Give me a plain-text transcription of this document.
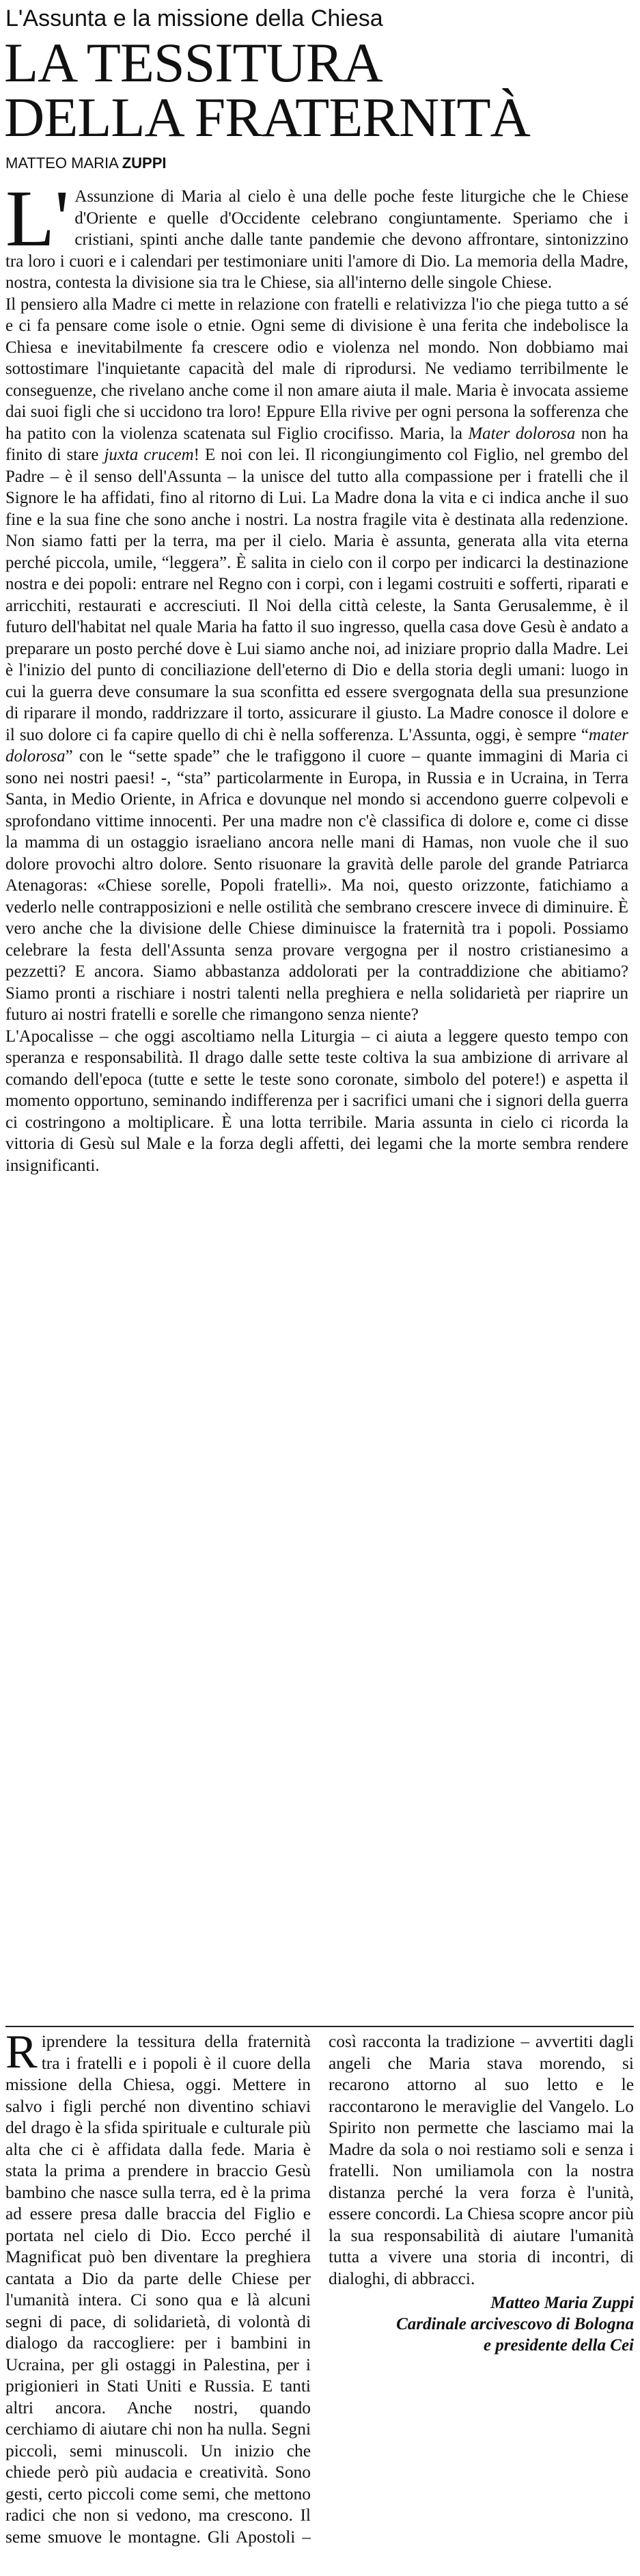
L'Assunta e la missione della Chiesa
LA TESSITURA
DELLA FRATERNITÀ
MATTEO MARIA ZUPPI

L'Assunzione di Maria al cielo è una delle poche feste liturgiche che le Chiese d'Oriente e quelle d'Occidente celebrano congiuntamente. Speriamo che i cristiani, spinti anche dalle tante pandemie che devono affrontare, sintonizzino tra loro i cuori e i calendari per testimoniare uniti l'amore di Dio. La memoria della Madre, nostra, contesta la divisione sia tra le Chiese, sia all'interno delle singole Chiese.

Il pensiero alla Madre ci mette in relazione con fratelli e relativizza l'io che piega tutto a sé e ci fa pensare come isole o etnie. Ogni seme di divisione è una ferita che indebolisce la Chiesa e inevitabilmente fa crescere odio e violenza nel mondo. Non dobbiamo mai sottostimare l'inquietante capacità del male di riprodursi. Ne vediamo terribilmente le conseguenze, che rivelano anche come il non amare aiuta il male. Maria è invocata assieme dai suoi figli che si uccidono tra loro! Eppure Ella rivive per ogni persona la sofferenza che ha patito con la violenza scatenata sul Figlio crocifisso. Maria, la Mater dolorosa non ha finito di stare juxta crucem! E noi con lei. Il ricongiungimento col Figlio, nel grembo del Padre – è il senso dell'Assunta – la unisce del tutto alla compassione per i fratelli che il Signore le ha affidati, fino al ritorno di Lui. La Madre dona la vita e ci indica anche il suo fine e la sua fine che sono anche i nostri. La nostra fragile vita è destinata alla redenzione. Non siamo fatti per la terra, ma per il cielo. Maria è assunta, generata alla vita eterna perché piccola, umile, “leggera”. È salita in cielo con il corpo per indicarci la destinazione nostra e dei popoli: entrare nel Regno con i corpi, con i legami costruiti e sofferti, riparati e arricchiti, restaurati e accresciuti. Il Noi della città celeste, la Santa Gerusalemme, è il futuro dell'habitat nel quale Maria ha fatto il suo ingresso, quella casa dove Gesù è andato a preparare un posto perché dove è Lui siamo anche noi, ad iniziare proprio dalla Madre. Lei è l'inizio del punto di conciliazione dell'eterno di Dio e della storia degli umani: luogo in cui la guerra deve consumare la sua sconfitta ed essere svergognata della sua presunzione di riparare il mondo, raddrizzare il torto, assicurare il giusto. La Madre conosce il dolore e il suo dolore ci fa capire quello di chi è nella sofferenza. L'Assunta, oggi, è sempre “mater dolorosa” con le “sette spade” che le trafiggono il cuore – quante immagini di Maria ci sono nei nostri paesi! -, “sta” particolarmente in Europa, in Russia e in Ucraina, in Terra Santa, in Medio Oriente, in Africa e dovunque nel mondo si accendono guerre colpevoli e sprofondano vittime innocenti. Per una madre non c'è classifica di dolore e, come ci disse la mamma di un ostaggio israeliano ancora nelle mani di Hamas, non vuole che il suo dolore provochi altro dolore. Sento risuonare la gravità delle parole del grande Patriarca Atenagoras: «Chiese sorelle, Popoli fratelli». Ma noi, questo orizzonte, fatichiamo a vederlo nelle contrapposizioni e nelle ostilità che sembrano crescere invece di diminuire. È vero anche che la divisione delle Chiese diminuisce la fraternità tra i popoli. Possiamo celebrare la festa dell'Assunta senza provare vergogna per il nostro cristianesimo a pezzetti? E ancora. Siamo abbastanza addolorati per la contraddizione che abitiamo? Siamo pronti a rischiare i nostri talenti nella preghiera e nella solidarietà per riaprire un futuro ai nostri fratelli e sorelle che rimangono senza niente?

L'Apocalisse – che oggi ascoltiamo nella Liturgia – ci aiuta a leggere questo tempo con speranza e responsabilità. Il drago dalle sette teste coltiva la sua ambizione di arrivare al comando dell'epoca (tutte e sette le teste sono coronate, simbolo del potere!) e aspetta il momento opportuno, seminando indifferenza per i sacrifici umani che i signori della guerra ci costringono a moltiplicare. È una lotta terribile. Maria assunta in cielo ci ricorda la vittoria di Gesù sul Male e la forza degli affetti, dei legami che la morte sembra rendere insignificanti.

Riprendere la tessitura della fraternità tra i fratelli e i popoli è il cuore della missione della Chiesa, oggi. Mettere in salvo i figli perché non diventino schiavi del drago è la sfida spirituale e culturale più alta che ci è affidata dalla fede. Maria è stata la prima a prendere in braccio Gesù bambino che nasce sulla terra, ed è la prima ad essere presa dalle braccia del Figlio e portata nel cielo di Dio. Ecco perché il Magnificat può ben diventare la preghiera cantata a Dio da parte delle Chiese per l'umanità intera. Ci sono qua e là alcuni segni di pace, di solidarietà, di volontà di dialogo da raccogliere: per i bambini in Ucraina, per gli ostaggi in Palestina, per i prigionieri in Stati Uniti e Russia. E tanti altri ancora. Anche nostri, quando cerchiamo di aiutare chi non ha nulla. Segni piccoli, semi minuscoli. Un inizio che chiede però più audacia e creatività. Sono gesti, certo piccoli come semi, che mettono radici che non si vedono, ma crescono. Il seme smuove le montagne. Gli Apostoli – così racconta la tradizione – avvertiti dagli angeli che Maria stava morendo, si recarono attorno al suo letto e le raccontarono le meraviglie del Vangelo. Lo Spirito non permette che lasciamo mai la Madre da sola o noi restiamo soli e senza i fratelli. Non umiliamola con la nostra distanza perché la vera forza è l'unità, essere concordi. La Chiesa scopre ancor più la sua responsabilità di aiutare l'umanità tutta a vivere una storia di incontri, di dialoghi, di abbracci.

Matteo Maria Zuppi
Cardinale arcivescovo di Bologna
e presidente della Cei
